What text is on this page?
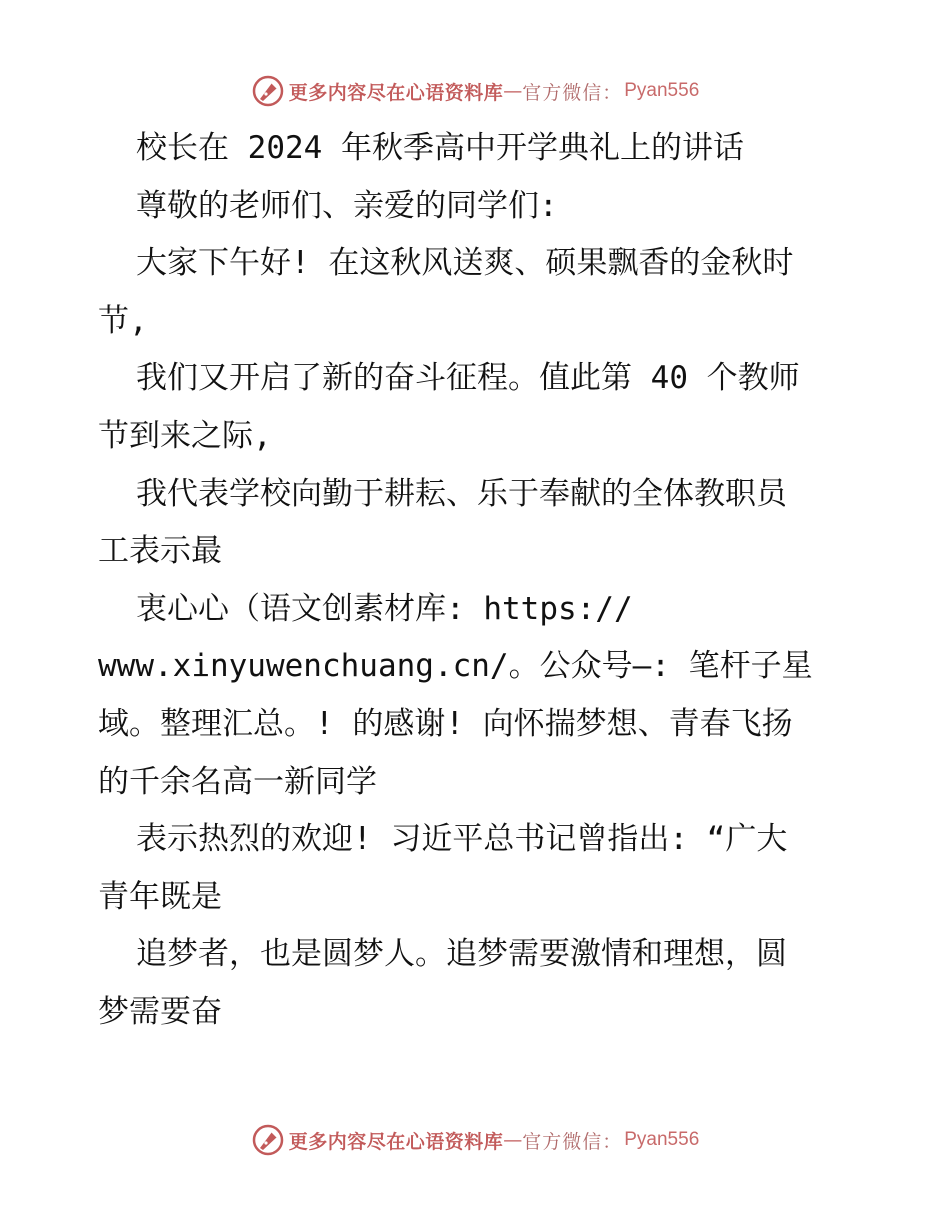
更多内容尽在心语资料库 — 官方微信： Pyan556
校长在 2024 年秋季高中开学典礼上的讲话
尊敬的老师们、亲爱的同学们:
大家下午好! 在这秋风送爽、硕果飘香的金秋时
节,
我们又开启了新的奋斗征程。值此第 40 个教师
节到来之际,
我代表学校向勤于耕耘、乐于奉献的全体教职员
工表示最
衷心心（语文创素材库: https://
www.xinyuwenchuang.cn/。公众号—: 笔杆子星
域。整理汇总。! 的感谢! 向怀揣梦想、青春飞扬
的千余名高一新同学
表示热烈的欢迎! 习近平总书记曾指出: “广大
青年既是
追梦者，也是圆梦人。追梦需要激情和理想，圆
梦需要奋
更多内容尽在心语资料库 — 官方微信： Pyan556
